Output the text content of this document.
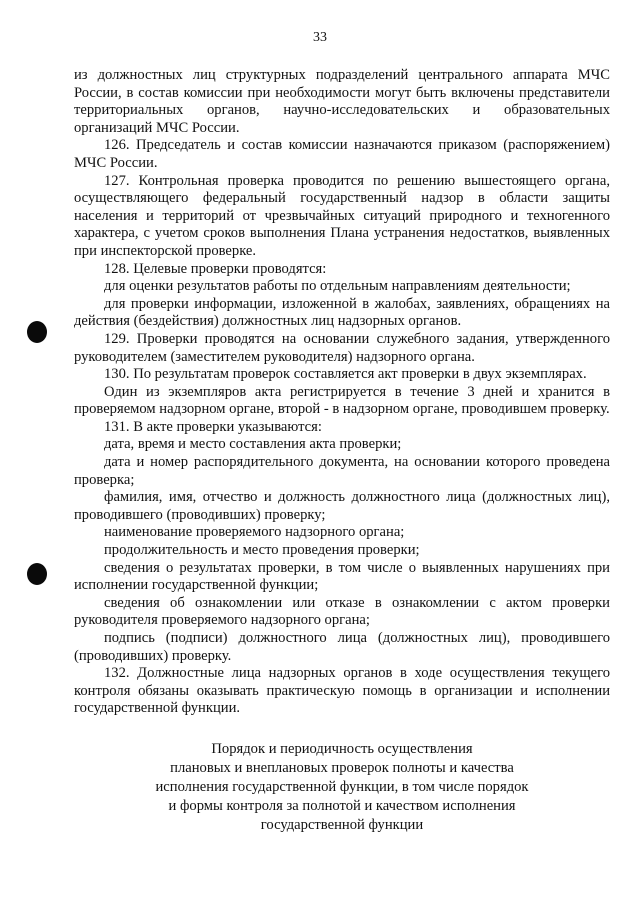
33

из должностных лиц структурных подразделений центрального аппарата МЧС России, в состав комиссии при необходимости могут быть включены представители территориальных органов, научно-исследовательских и образовательных организаций МЧС России.

126. Председатель и состав комиссии назначаются приказом (распоряжением) МЧС России.

127. Контрольная проверка проводится по решению вышестоящего органа, осуществляющего федеральный государственный надзор в области защиты населения и территорий от чрезвычайных ситуаций природного и техногенного характера, с учетом сроков выполнения Плана устранения недостатков, выявленных при инспекторской проверке.

128. Целевые проверки проводятся:

для оценки результатов работы по отдельным направлениям деятельности;

для проверки информации, изложенной в жалобах, заявлениях, обращениях на действия (бездействия) должностных лиц надзорных органов.

129. Проверки проводятся на основании служебного задания, утвержденного руководителем (заместителем руководителя) надзорного органа.

130. По результатам проверок составляется акт проверки в двух экземплярах.

Один из экземпляров акта регистрируется в течение 3 дней и хранится в проверяемом надзорном органе, второй - в надзорном органе, проводившем проверку.

131. В акте проверки указываются:

дата, время и место составления акта проверки;

дата и номер распорядительного документа, на основании которого проведена проверка;

фамилия, имя, отчество и должность должностного лица (должностных лиц), проводившего (проводивших) проверку;

наименование проверяемого надзорного органа;

продолжительность и место проведения проверки;

сведения о результатах проверки, в том числе о выявленных нарушениях при исполнении государственной функции;

сведения об ознакомлении или отказе в ознакомлении с актом проверки руководителя проверяемого надзорного органа;

подпись (подписи) должностного лица (должностных лиц), проводившего (проводивших) проверку.

132. Должностные лица надзорных органов в ходе осуществления текущего контроля обязаны оказывать практическую помощь в организации и исполнении государственной функции.

Порядок и периодичность осуществления
плановых и внеплановых проверок полноты и качества
исполнения государственной функции, в том числе порядок
и формы контроля за полнотой и качеством исполнения
государственной функции
